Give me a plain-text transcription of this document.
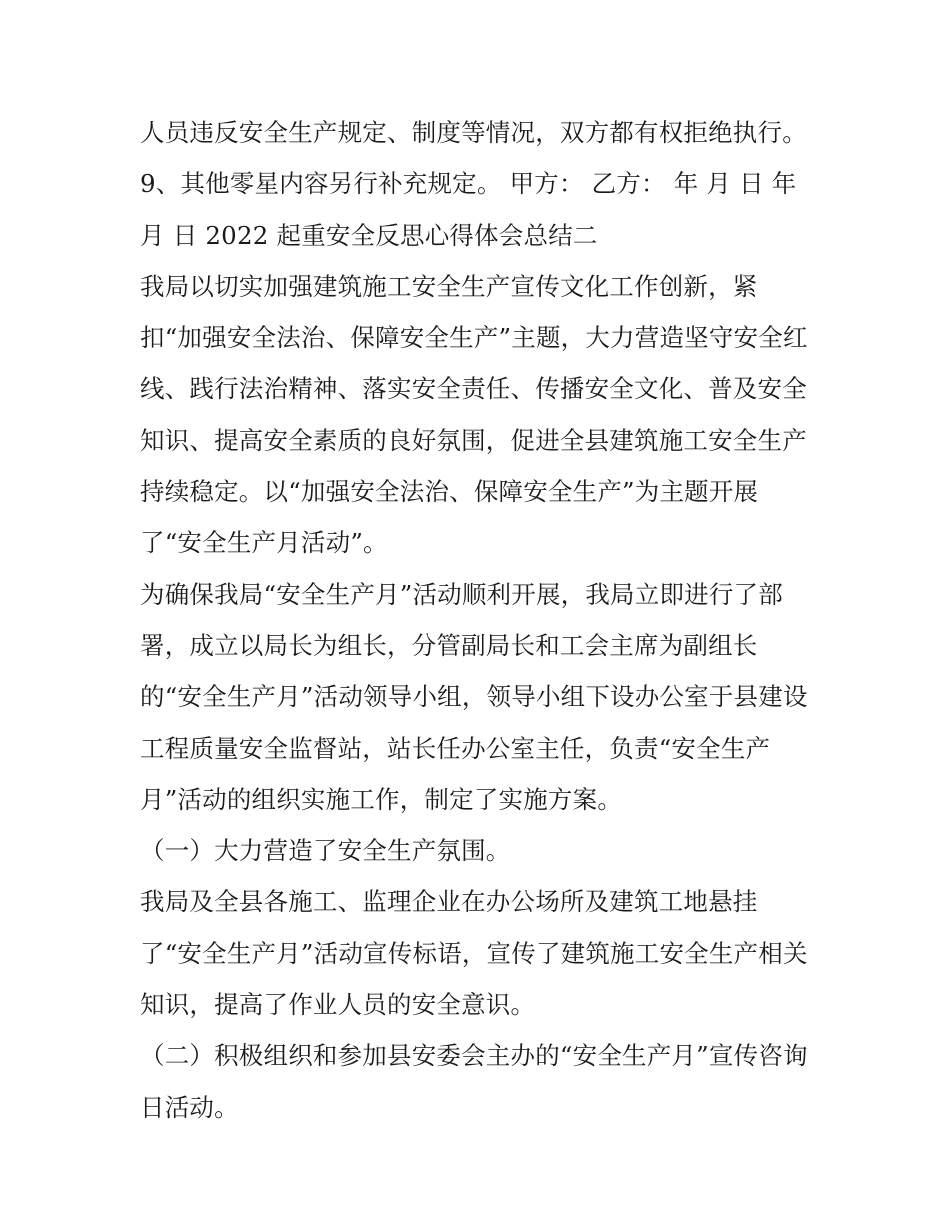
人员违反安全生产规定、制度等情况，双方都有权拒绝执行。
9、其他零星内容另行补充规定。 甲方： 乙方： 年 月 日 年
月 日 2022 起重安全反思心得体会总结二
我局以切实加强建筑施工安全生产宣传文化工作创新，紧
扣“加强安全法治、保障安全生产”主题，大力营造坚守安全红
线、践行法治精神、落实安全责任、传播安全文化、普及安全
知识、提高安全素质的良好氛围，促进全县建筑施工安全生产
持续稳定。以“加强安全法治、保障安全生产”为主题开展
了“安全生产月活动”。
为确保我局“安全生产月”活动顺利开展，我局立即进行了部
署，成立以局长为组长，分管副局长和工会主席为副组长
的“安全生产月”活动领导小组，领导小组下设办公室于县建设
工程质量安全监督站，站长任办公室主任，负责“安全生产
月”活动的组织实施工作，制定了实施方案。
（一）大力营造了安全生产氛围。
我局及全县各施工、监理企业在办公场所及建筑工地悬挂
了“安全生产月”活动宣传标语，宣传了建筑施工安全生产相关
知识，提高了作业人员的安全意识。
（二）积极组织和参加县安委会主办的“安全生产月”宣传咨询
日活动。
